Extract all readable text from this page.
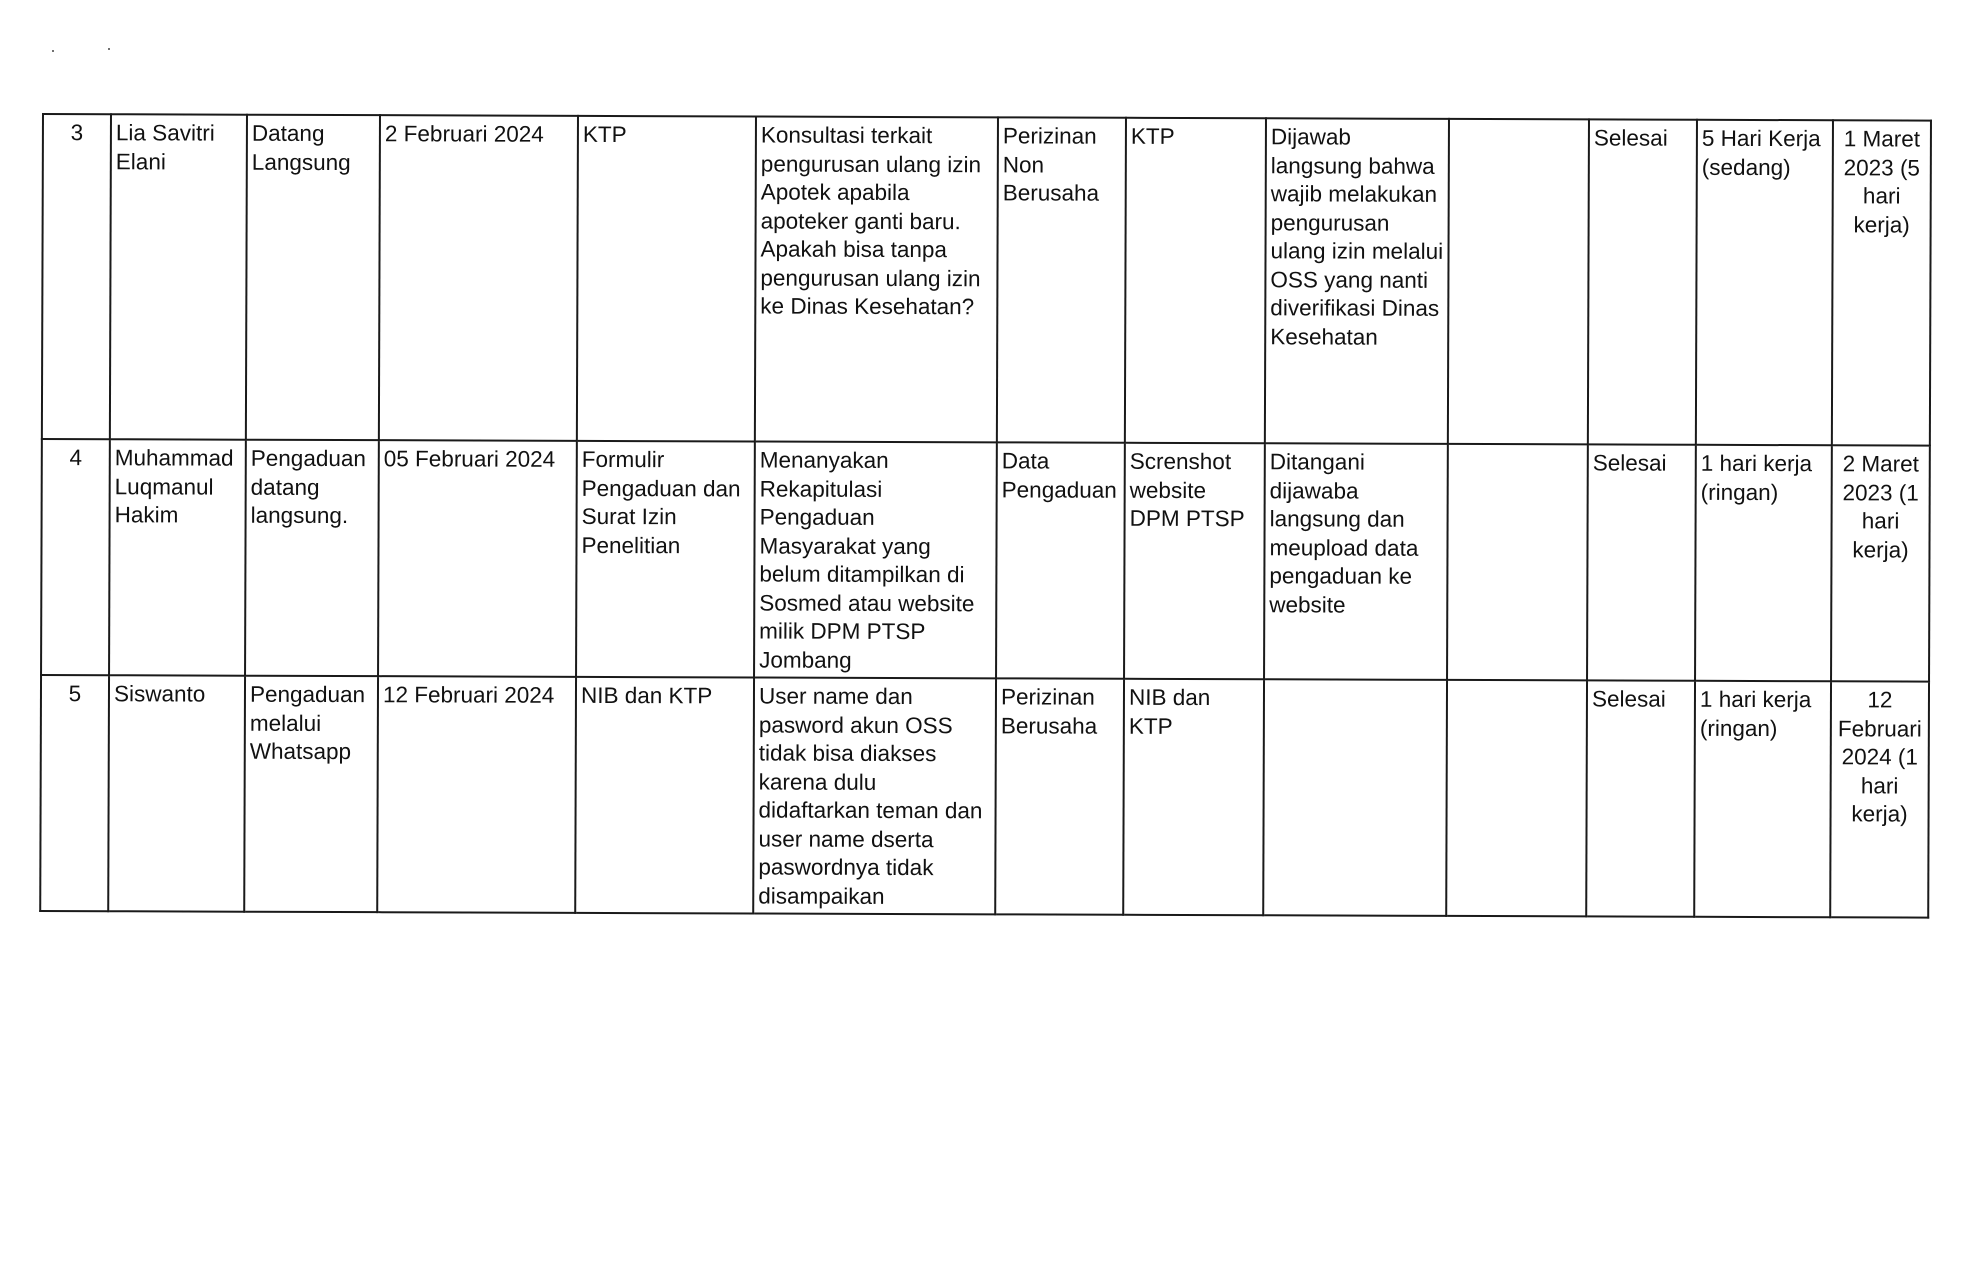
3	Lia Savitri Elani	Datang Langsung	2 Februari 2024	KTP	Konsultasi terkait pengurusan ulang izin Apotek apabila apoteker ganti baru. Apakah bisa tanpa pengurusan ulang izin ke Dinas Kesehatan?	Perizinan Non Berusaha	KTP	Dijawab langsung bahwa wajib melakukan pengurusan ulang izin melalui OSS yang nanti diverifikasi Dinas Kesehatan		Selesai	5 Hari Kerja (sedang)	1 Maret 2023 (5 hari kerja)
4	Muhammad Luqmanul Hakim	Pengaduan datang langsung.	05 Februari 2024	Formulir Pengaduan dan Surat Izin Penelitian	Menanyakan Rekapitulasi Pengaduan Masyarakat yang belum ditampilkan di Sosmed atau website milik DPM PTSP Jombang	Data Pengaduan	Screnshot website DPM PTSP	Ditangani dijawaba langsung dan meupload data pengaduan ke website		Selesai	1 hari kerja (ringan)	2 Maret 2023 (1 hari kerja)
5	Siswanto	Pengaduan melalui Whatsapp	12 Februari 2024	NIB dan KTP	User name dan pasword akun OSS tidak bisa diakses karena dulu didaftarkan teman dan user name dserta paswordnya tidak disampaikan	Perizinan Berusaha	NIB dan KTP			Selesai	1 hari kerja (ringan)	12 Februari 2024 (1 hari kerja)
